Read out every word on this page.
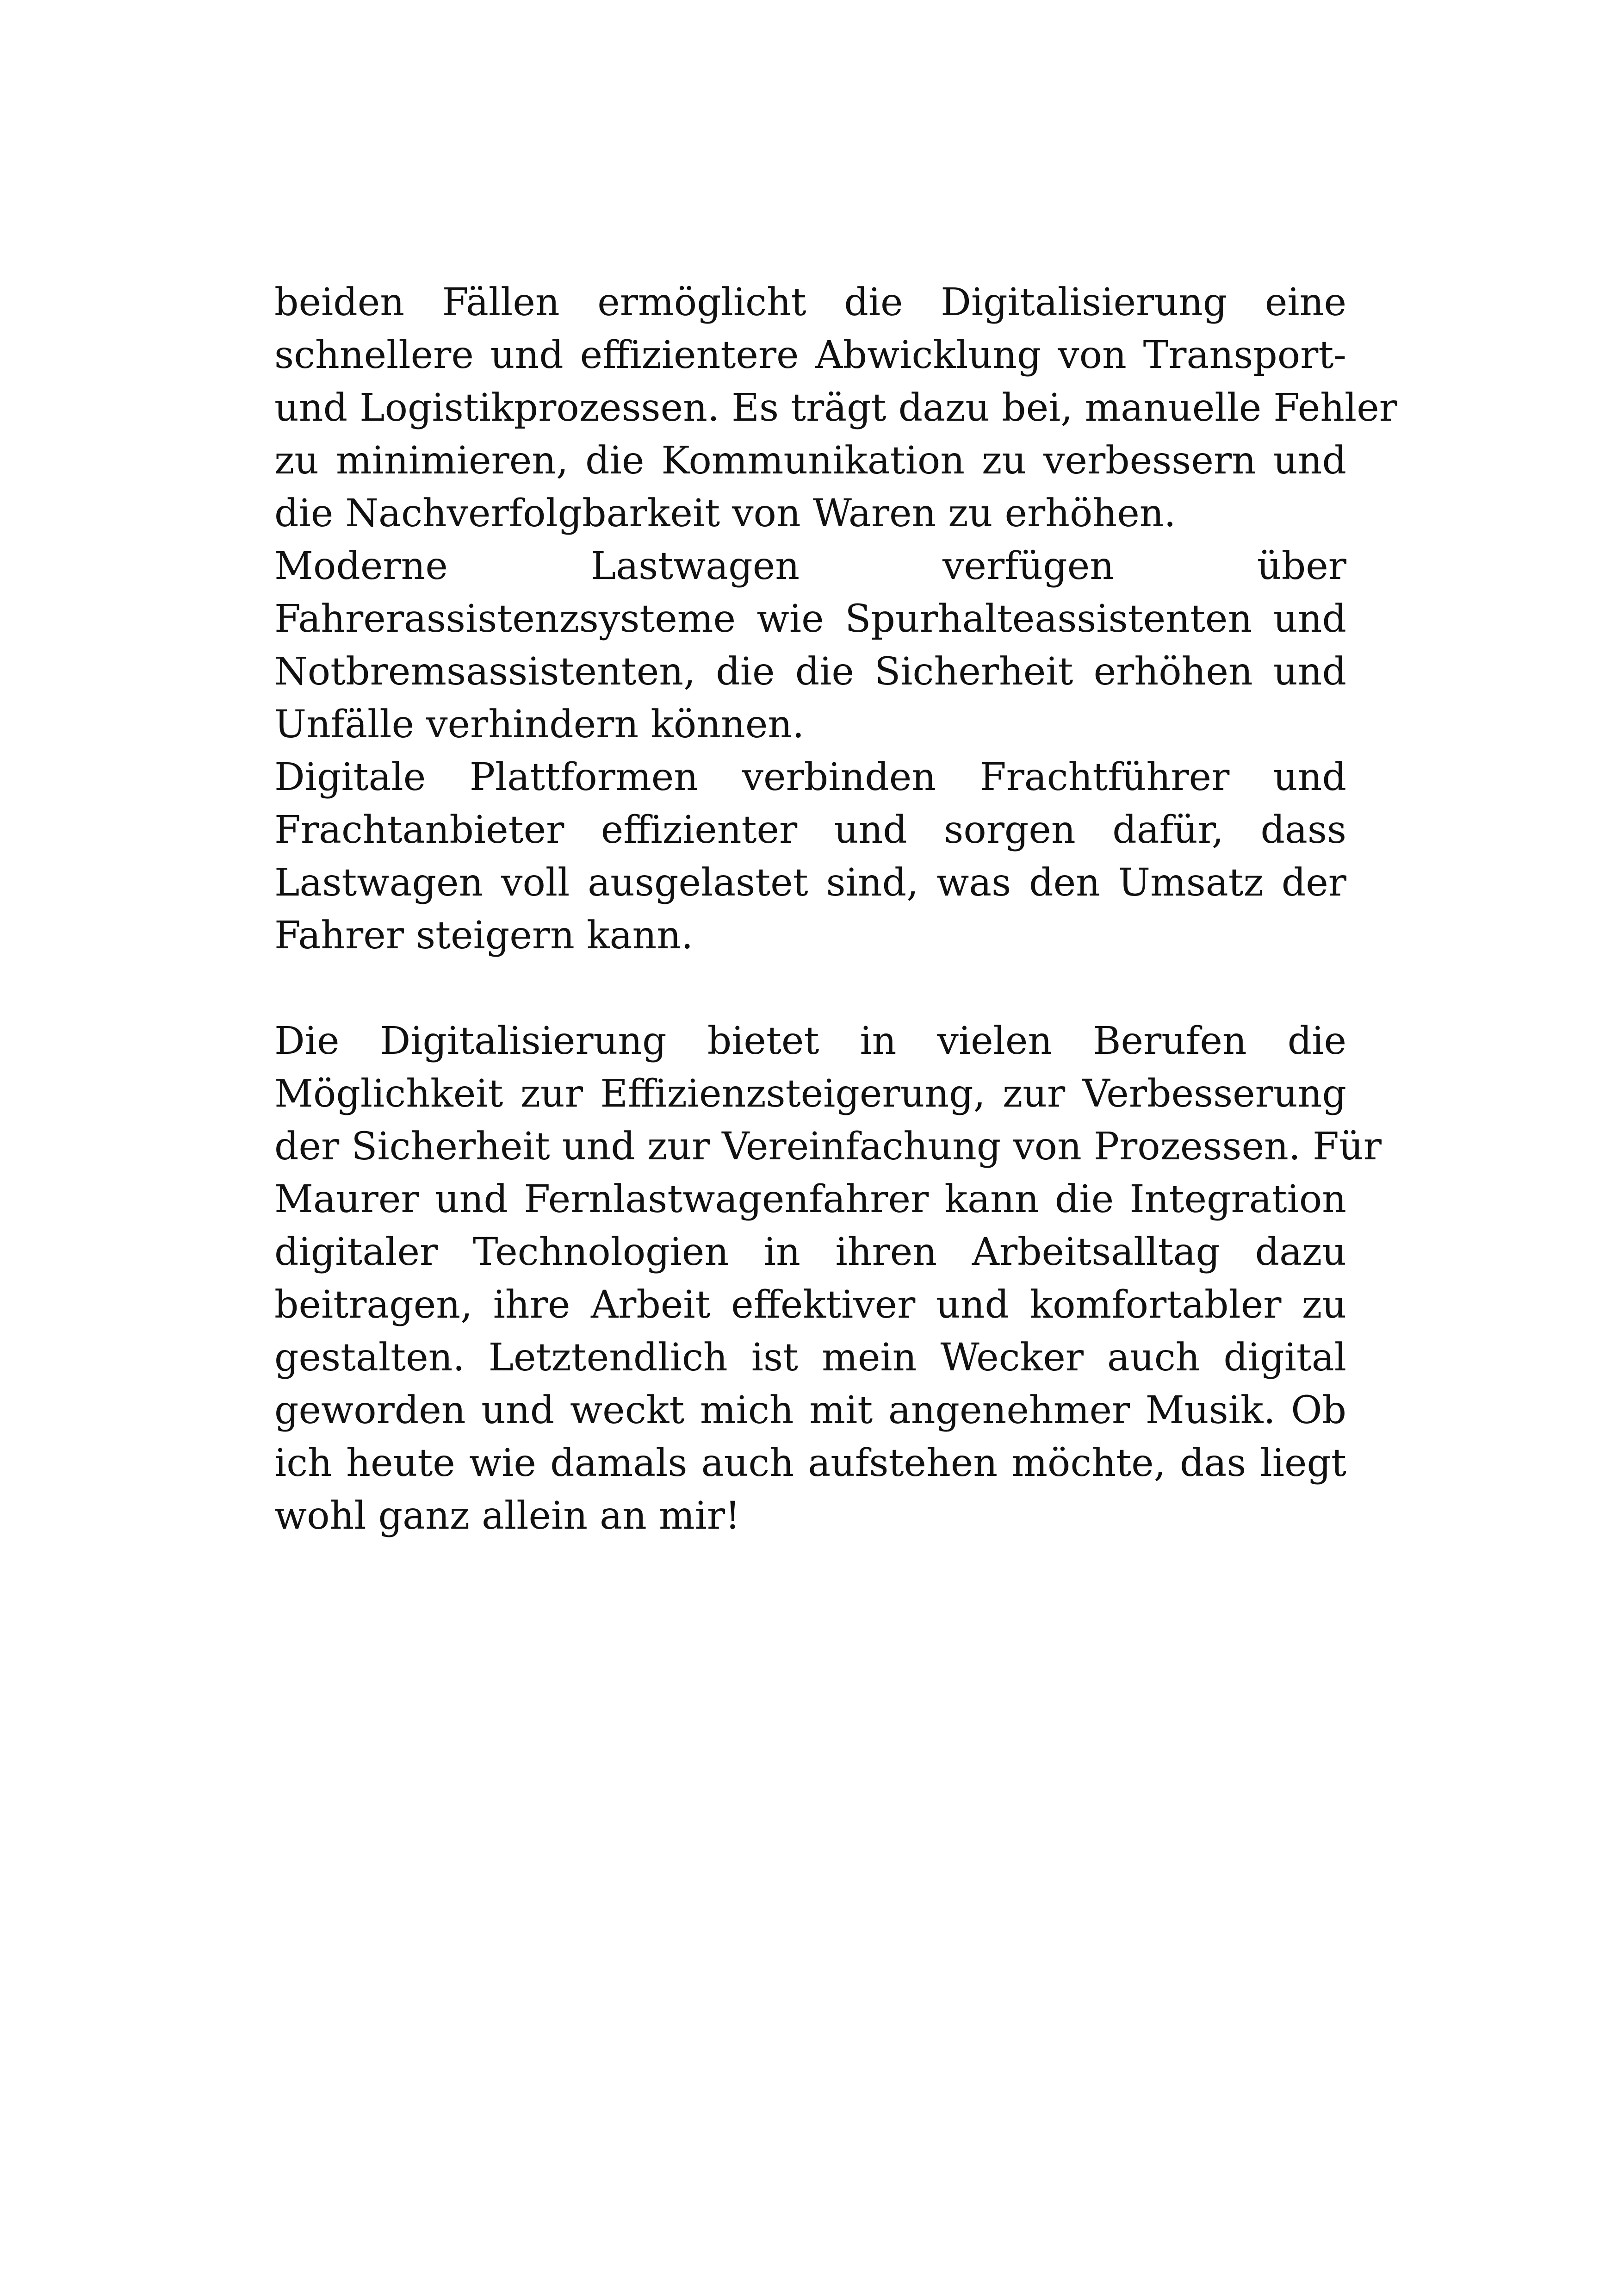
beiden Fällen ermöglicht die Digitalisierung eine
schnellere und effizientere Abwicklung von Transport-
und Logistikprozessen. Es trägt dazu bei, manuelle Fehler
zu minimieren, die Kommunikation zu verbessern und
die Nachverfolgbarkeit von Waren zu erhöhen.
Moderne Lastwagen verfügen über
Fahrerassistenzsysteme wie Spurhalteassistenten und
Notbremsassistenten, die die Sicherheit erhöhen und
Unfälle verhindern können.
Digitale Plattformen verbinden Frachtführer und
Frachtanbieter effizienter und sorgen dafür, dass
Lastwagen voll ausgelastet sind, was den Umsatz der
Fahrer steigern kann.
Die Digitalisierung bietet in vielen Berufen die
Möglichkeit zur Effizienzsteigerung, zur Verbesserung
der Sicherheit und zur Vereinfachung von Prozessen. Für
Maurer und Fernlastwagenfahrer kann die Integration
digitaler Technologien in ihren Arbeitsalltag dazu
beitragen, ihre Arbeit effektiver und komfortabler zu
gestalten. Letztendlich ist mein Wecker auch digital
geworden und weckt mich mit angenehmer Musik. Ob
ich heute wie damals auch aufstehen möchte, das liegt
wohl ganz allein an mir!
